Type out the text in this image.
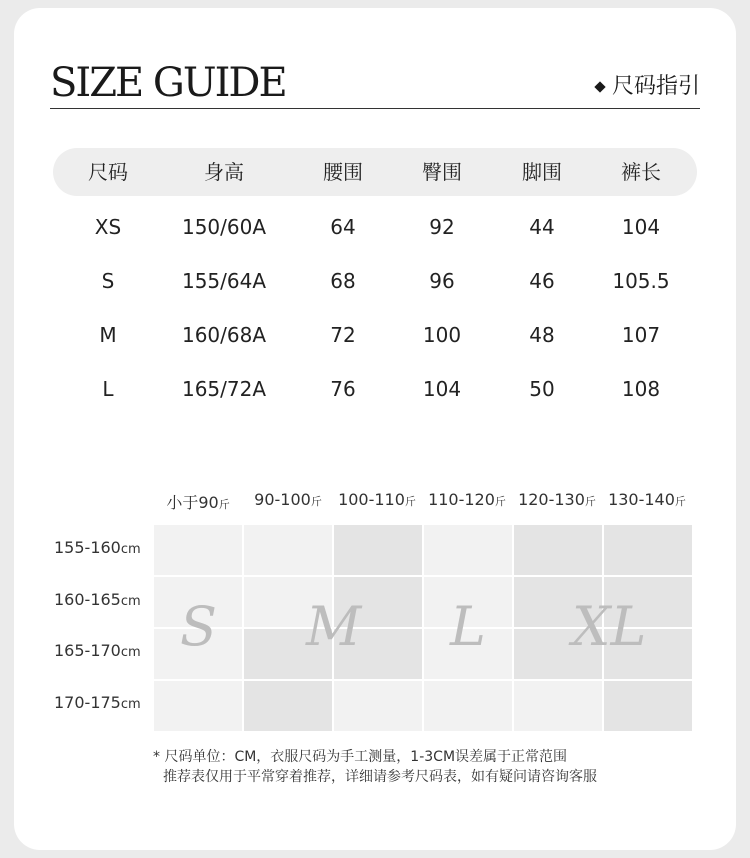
SIZE GUIDE	尺码指引
尺码	身高	腰围	臀围	脚围	裤长
XS	150/60A	64	92	44	104
S	155/64A	68	96	46	105.5
M	160/68A	72	100	48	107
L	165/72A	76	104	50	108
小于90斤	90-100斤	100-110斤 110-120斤 120-130斤 130-140斤
155-160cm
160-165cm
165-170cm
170-175cm
S M L XL
* 尺码单位：CM，衣服尺码为手工测量，1-3CM误差属于正常范围
推荐表仅用于平常穿着推荐，详细请参考尺码表，如有疑问请咨询客服
